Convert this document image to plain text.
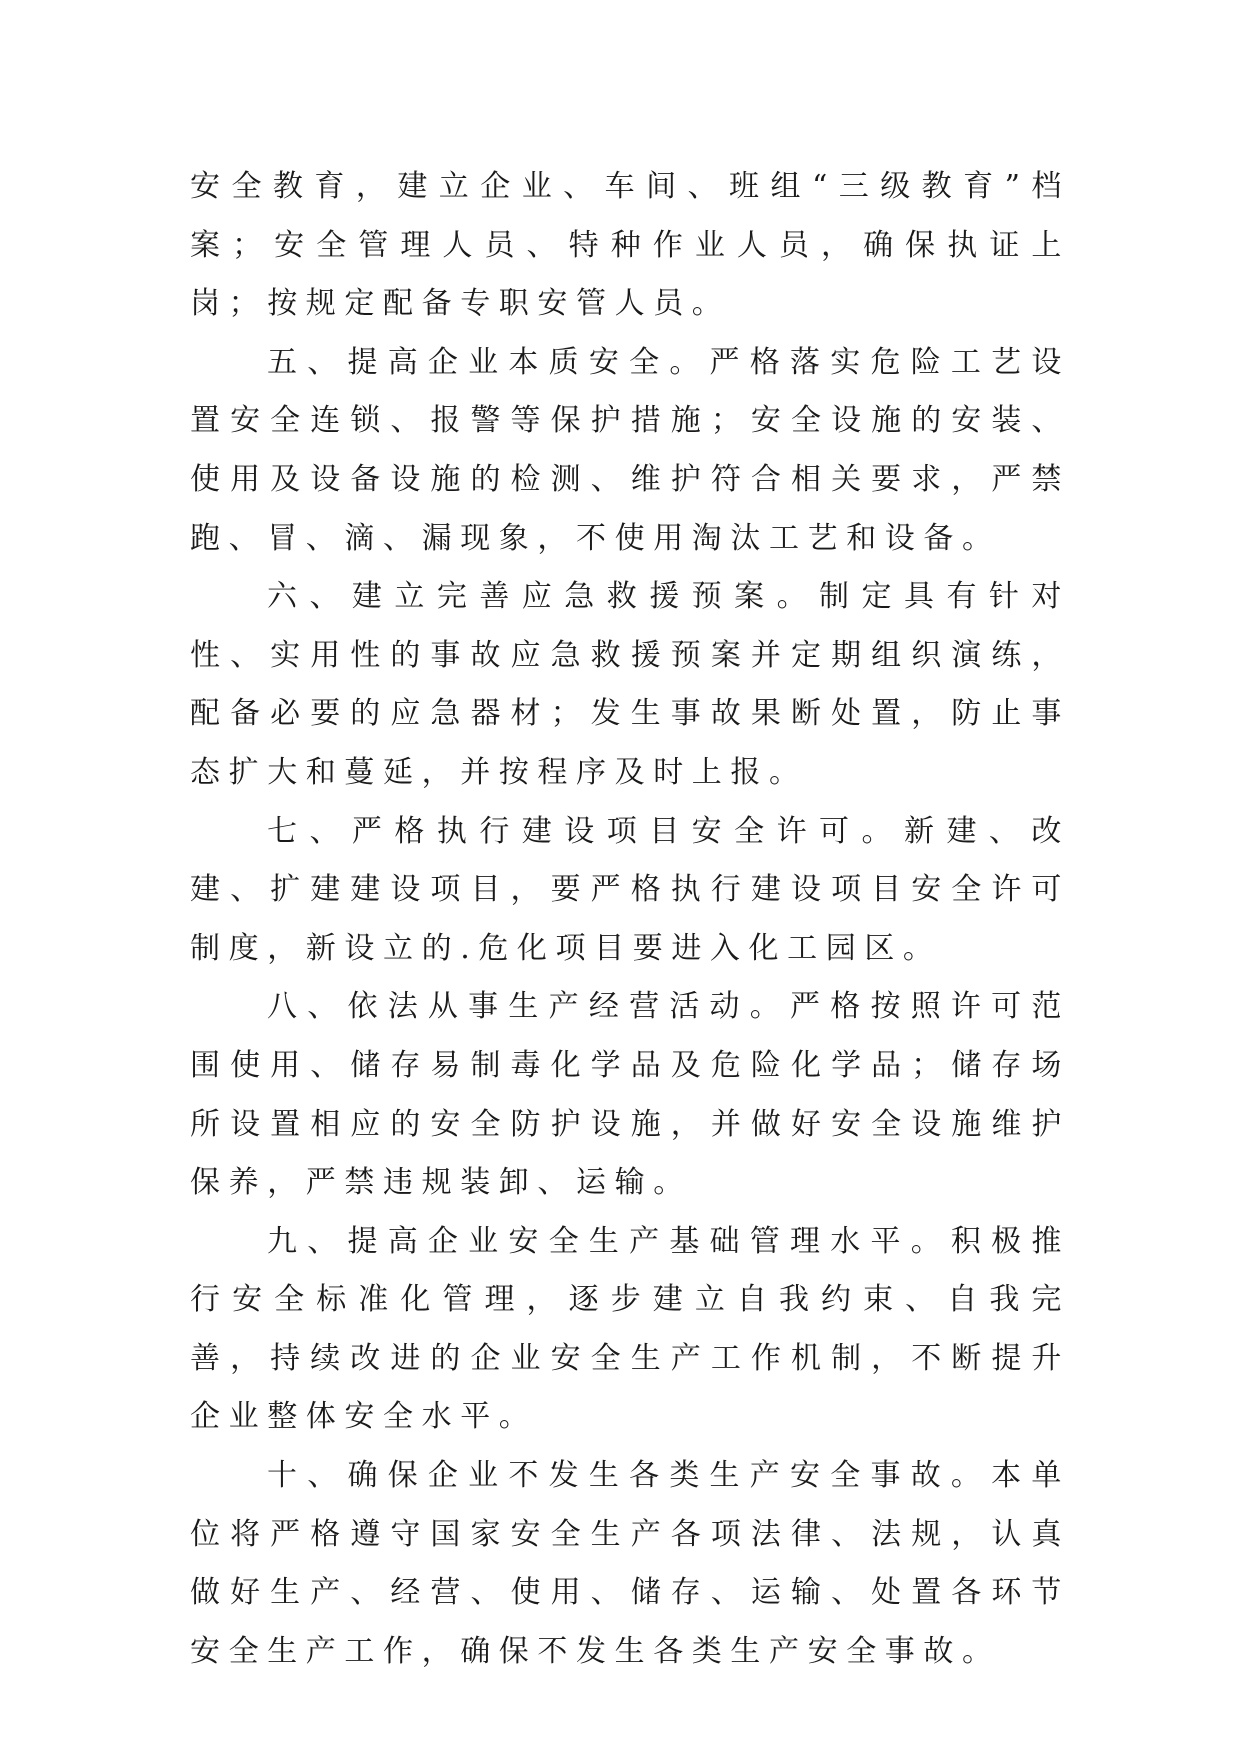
安全教育，建立企业、车间、班组“三级教育”档案；安全管理人员、特种作业人员，确保执证上岗；按规定配备专职安管人员。

五、提高企业本质安全。严格落实危险工艺设置安全连锁、报警等保护措施；安全设施的安装、使用及设备设施的检测、维护符合相关要求，严禁跑、冒、滴、漏现象，不使用淘汰工艺和设备。

六、建立完善应急救援预案。制定具有针对性、实用性的事故应急救援预案并定期组织演练，配备必要的应急器材；发生事故果断处置，防止事态扩大和蔓延，并按程序及时上报。

七、严格执行建设项目安全许可。新建、改建、扩建建设项目，要严格执行建设项目安全许可制度，新设立的.危化项目要进入化工园区。

八、依法从事生产经营活动。严格按照许可范围使用、储存易制毒化学品及危险化学品；储存场所设置相应的安全防护设施，并做好安全设施维护保养，严禁违规装卸、运输。

九、提高企业安全生产基础管理水平。积极推行安全标准化管理，逐步建立自我约束、自我完善，持续改进的企业安全生产工作机制，不断提升企业整体安全水平。

十、确保企业不发生各类生产安全事故。本单位将严格遵守国家安全生产各项法律、法规，认真做好生产、经营、使用、储存、运输、处置各环节安全生产工作，确保不发生各类生产安全事故。
